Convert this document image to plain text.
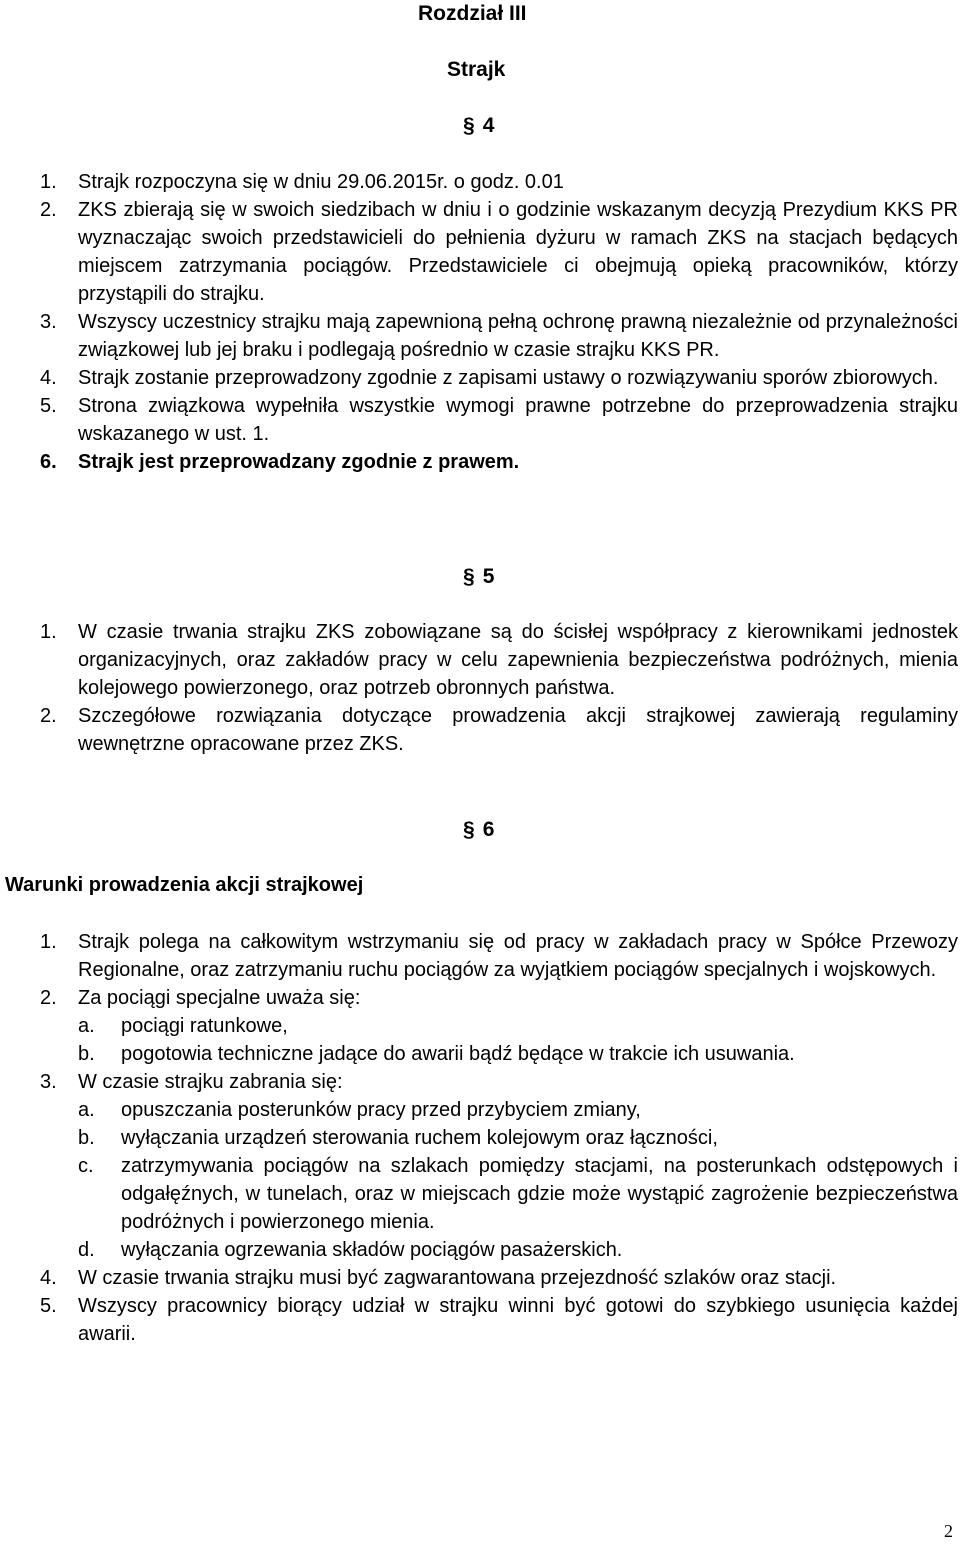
Rozdział III
Strajk
§ 4
1. Strajk rozpoczyna się w dniu 29.06.2015r. o godz. 0.01
2. ZKS zbierają się w swoich siedzibach w dniu i o godzinie wskazanym decyzją Prezydium KKS PR wyznaczając swoich przedstawicieli do pełnienia dyżuru w ramach ZKS na stacjach będących miejscem zatrzymania pociągów. Przedstawiciele ci obejmują opieką pracowników, którzy przystąpili do strajku.
3. Wszyscy uczestnicy strajku mają zapewnioną pełną ochronę prawną niezależnie od przynależności związkowej lub jej braku i podlegają pośrednio w czasie strajku KKS PR.
4. Strajk zostanie przeprowadzony zgodnie z zapisami ustawy o rozwiązywaniu sporów zbiorowych.
5. Strona związkowa wypełniła wszystkie wymogi prawne potrzebne do przeprowadzenia strajku wskazanego w ust. 1.
6. Strajk jest przeprowadzany zgodnie z prawem.
§ 5
1. W czasie trwania strajku ZKS zobowiązane są do ścisłej współpracy z kierownikami jednostek organizacyjnych, oraz zakładów pracy w celu zapewnienia bezpieczeństwa podróżnych, mienia kolejowego powierzonego, oraz potrzeb obronnych państwa.
2. Szczegółowe rozwiązania dotyczące prowadzenia akcji strajkowej zawierają regulaminy wewnętrzne opracowane przez ZKS.
§ 6
Warunki prowadzenia akcji strajkowej
1. Strajk polega na całkowitym wstrzymaniu się od pracy w zakładach pracy w Spółce Przewozy Regionalne, oraz zatrzymaniu ruchu pociągów za wyjątkiem pociągów specjalnych i wojskowych.
2. Za pociągi specjalne uważa się:
a. pociągi ratunkowe,
b. pogotowia techniczne jadące do awarii bądź będące w trakcie ich usuwania.
3. W czasie strajku zabrania się:
a. opuszczania posterunków pracy przed przybyciem zmiany,
b. wyłączania urządzeń sterowania ruchem kolejowym oraz łączności,
c. zatrzymywania pociągów na szlakach pomiędzy stacjami, na posterunkach odstępowych i odgałęźnych, w tunelach, oraz w miejscach gdzie może wystąpić zagrożenie bezpieczeństwa podróżnych i powierzonego mienia.
d. wyłączania ogrzewania składów pociągów pasażerskich.
4. W czasie trwania strajku musi być zagwarantowana przejezdność szlaków oraz stacji.
5. Wszyscy pracownicy biorący udział w strajku winni być gotowi do szybkiego usunięcia każdej awarii.
2
